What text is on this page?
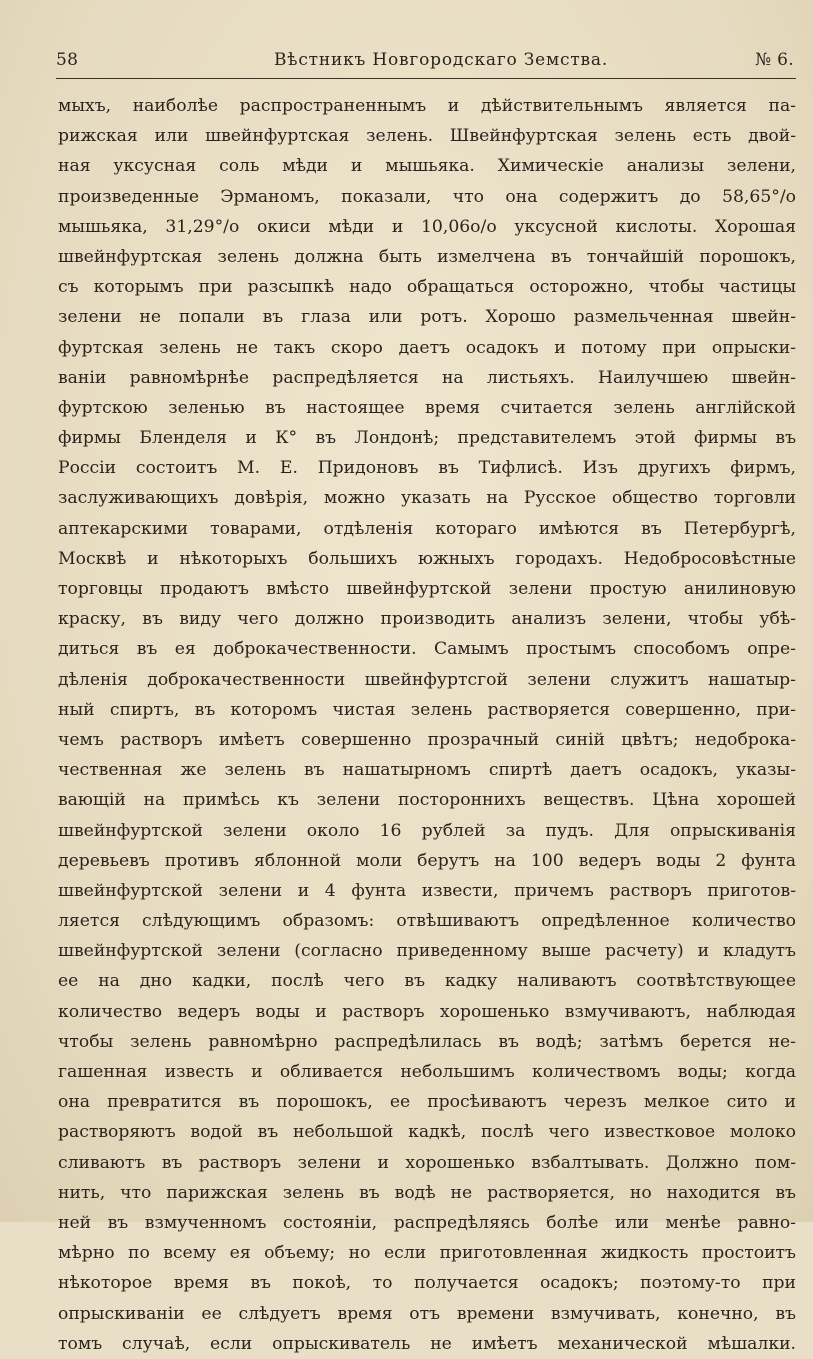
58	Вѣстникъ Новгородскаго Земства.	№ 6.
мыхъ, наиболѣе распространеннымъ и дѣйствительнымъ является па-
рижская или швейнфуртская зелень. Швейнфуртская зелень есть двой-
ная уксусная соль мѣди и мышьяка. Химическіе анализы зелени,
произведенные Эрманомъ, показали, что она содержитъ до 58,65°/о
мышьяка, 31,29°/о окиси мѣди и 10,06о/о уксусной кислоты. Хорошая
швейнфуртская зелень должна быть измелчена въ тончайшій порошокъ,
съ которымъ при разсыпкѣ надо обращаться осторожно, чтобы частицы
зелени не попали въ глаза или ротъ. Хорошо размельченная швейн-
фуртская зелень не такъ скоро даетъ осадокъ и потому при опрыски-
ваніи равномѣрнѣе распредѣляется на листьяхъ. Наилучшею швейн-
фуртскою зеленью въ настоящее время считается зелень англійской
фирмы Бленделя и К° въ Лондонѣ; представителемъ этой фирмы въ
Россіи состоитъ М. Е. Придоновъ въ Тифлисѣ. Изъ другихъ фирмъ,
заслуживающихъ довѣрія, можно указать на Русское общество торговли
аптекарскими товарами, отдѣленія котораго имѣются въ Петербургѣ,
Москвѣ и нѣкоторыхъ большихъ южныхъ городахъ. Недобросовѣстные
торговцы продаютъ вмѣсто швейнфуртской зелени простую анилиновую
краску, въ виду чего должно производить анализъ зелени, чтобы убѣ-
диться въ ея доброкачественности. Самымъ простымъ способомъ опре-
дѣленія доброкачественности швейнфуртсгой зелени служитъ нашатыр-
ный спиртъ, въ которомъ чистая зелень растворяется совершенно, при-
чемъ растворъ имѣетъ совершенно прозрачный синій цвѣтъ; недоброка-
чественная же зелень въ нашатырномъ спиртѣ даетъ осадокъ, указы-
вающій на примѣсь къ зелени постороннихъ веществъ. Цѣна хорошей
швейнфуртской зелени около 16 рублей за пудъ. Для опрыскиванія
деревьевъ противъ яблонной моли берутъ на 100 ведеръ воды 2 фунта
швейнфуртской зелени и 4 фунта извести, причемъ растворъ приготов-
ляется слѣдующимъ образомъ: отвѣшиваютъ опредѣленное количество
швейнфуртской зелени (согласно приведенному выше расчету) и кладутъ
ее на дно кадки, послѣ чего въ кадку наливаютъ соотвѣтствующее
количество ведеръ воды и растворъ хорошенько взмучиваютъ, наблюдая
чтобы зелень равномѣрно распредѣлилась въ водѣ; затѣмъ берется не-
гашенная известь и обливается небольшимъ количествомъ воды; когда
она превратится въ порошокъ, ее просѣиваютъ черезъ мелкое сито и
растворяютъ водой въ небольшой кадкѣ, послѣ чего известковое молоко
сливаютъ въ растворъ зелени и хорошенько взбалтывать. Должно пом-
нить, что парижская зелень въ водѣ не растворяется, но находится въ
ней въ взмученномъ состояніи, распредѣляясь болѣе или менѣе равно-
мѣрно по всему ея объему; но если приготовленная жидкость простоитъ
нѣкоторое время въ покоѣ, то получается осадокъ; поэтому-то при
опрыскиваніи ее слѣдуетъ время отъ времени взмучивать, конечно, въ
томъ случаѣ, если опрыскиватель не имѣетъ механической мѣшалки.
